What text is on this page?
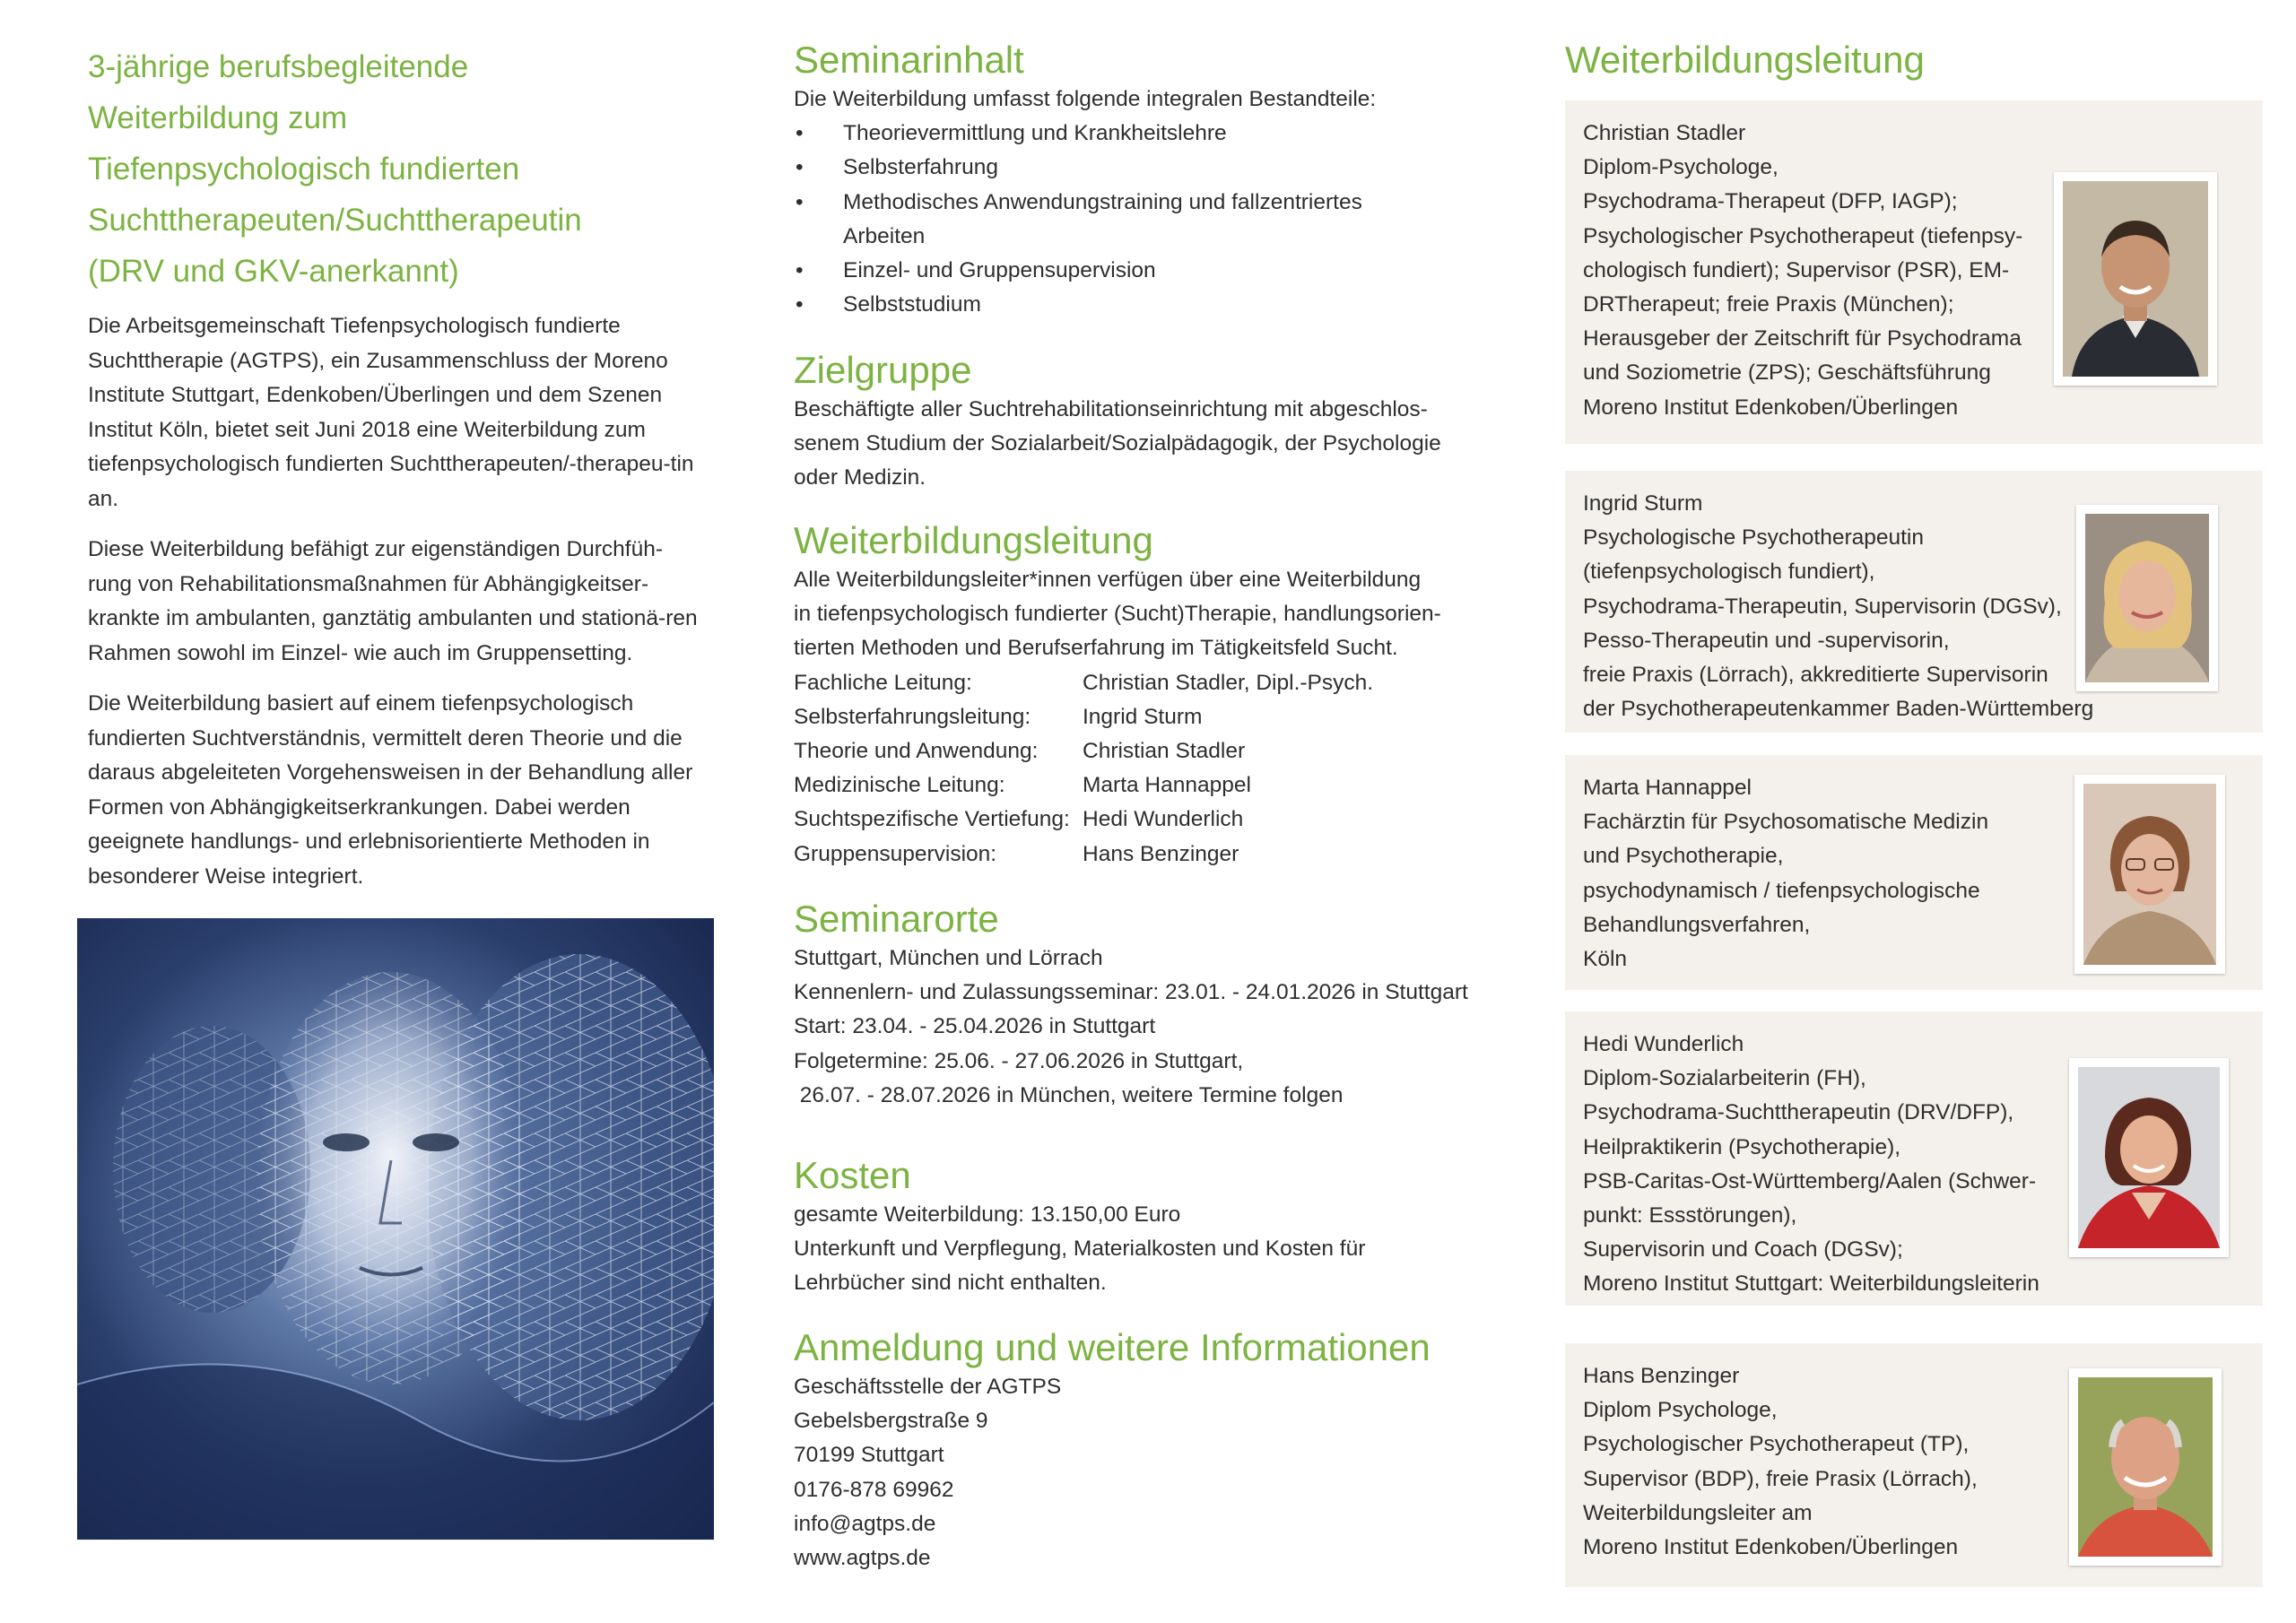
3-jährige berufsbegleitende
Weiterbildung zum
Tiefenpsychologisch fundierten
Suchttherapeuten/Suchttherapeutin
(DRV und GKV-anerkannt)

Die Arbeitsgemeinschaft Tiefenpsychologisch fundierte Suchttherapie (AGTPS), ein Zusammenschluss der Moreno Institute Stuttgart, Edenkoben/Überlingen und dem Szenen Institut Köln, bietet seit Juni 2018 eine Weiterbildung zum tiefenpsychologisch fundierten Suchttherapeuten/-therapeu-tin an.

Diese Weiterbildung befähigt zur eigenständigen Durchfüh-rung von Rehabilitationsmaßnahmen für Abhängigkeitser-krankte im ambulanten, ganztätig ambulanten und stationä-ren Rahmen sowohl im Einzel- wie auch im Gruppensetting.

Die Weiterbildung basiert auf einem tiefenpsychologisch fundierten Suchtverständnis, vermittelt deren Theorie und die daraus abgeleiteten Vorgehensweisen in der Behandlung aller Formen von Abhängigkeitserkrankungen. Dabei werden geeignete handlungs- und erlebnisorientierte Methoden in besonderer Weise integriert.

Seminarinhalt
Die Weiterbildung umfasst folgende integralen Bestandteile:
• Theorievermittlung und Krankheitslehre
• Selbsterfahrung
• Methodisches Anwendungstraining und fallzentriertes
Arbeiten
• Einzel- und Gruppensupervision
• Selbststudium
Zielgruppe
Beschäftigte aller Suchtrehabilitationseinrichtung mit abgeschlos-
senem Studium der Sozialarbeit/Sozialpädagogik, der Psychologie
oder Medizin.
Weiterbildungsleitung
Alle Weiterbildungsleiter*innen verfügen über eine Weiterbildung
in tiefenpsychologisch fundierter (Sucht)Therapie, handlungsorien-
tierten Methoden und Berufserfahrung im Tätigkeitsfeld Sucht.
Fachliche Leitung:	Christian Stadler, Dipl.-Psych.
Selbsterfahrungsleitung:	Ingrid Sturm
Theorie und Anwendung:	Christian Stadler
Medizinische Leitung:	Marta Hannappel
Suchtspezifische Vertiefung: Hedi Wunderlich
Gruppensupervision:	Hans Benzinger
Seminarorte
Stuttgart, München und Lörrach
Kennenlern- und Zulassungsseminar: 23.01. - 24.01.2026 in Stuttgart
Start: 23.04. - 25.04.2026 in Stuttgart
Folgetermine: 25.06. - 27.06.2026 in Stuttgart,
26.07. - 28.07.2026 in München, weitere Termine folgen
Kosten
gesamte Weiterbildung: 13.150,00 Euro
Unterkunft und Verpflegung, Materialkosten und Kosten für
Lehrbücher sind nicht enthalten.
Anmeldung und weitere Informationen
Geschäftsstelle der AGTPS
Gebelsbergstraße 9
70199 Stuttgart
0176-878 69962
info@agtps.de
www.agtps.de
Weiterbildungsleitung
Christian Stadler
Diplom-Psychologe,
Psychodrama-Therapeut (DFP, IAGP);
Psychologischer Psychotherapeut (tiefenpsy-
chologisch fundiert); Supervisor (PSR), EM-
DRTherapeut; freie Praxis (München);
Herausgeber der Zeitschrift für Psychodrama
und Soziometrie (ZPS); Geschäftsführung
Moreno Institut Edenkoben/Überlingen
Ingrid Sturm
Psychologische Psychotherapeutin
(tiefenpsychologisch fundiert),
Psychodrama-Therapeutin, Supervisorin (DGSv),
Pesso-Therapeutin und -supervisorin,
freie Praxis (Lörrach), akkreditierte Supervisorin
der Psychotherapeutenkammer Baden-Württemberg
Marta Hannappel
Fachärztin für Psychosomatische Medizin
und Psychotherapie,
psychodynamisch / tiefenpsychologische
Behandlungsverfahren,
Köln
Hedi Wunderlich
Diplom-Sozialarbeiterin (FH),
Psychodrama-Suchttherapeutin (DRV/DFP),
Heilpraktikerin (Psychotherapie),
PSB-Caritas-Ost-Württemberg/Aalen (Schwer-
punkt: Essstörungen),
Supervisorin und Coach (DGSv);
Moreno Institut Stuttgart: Weiterbildungsleiterin
Hans Benzinger
Diplom Psychologe,
Psychologischer Psychotherapeut (TP),
Supervisor (BDP), freie Prasix (Lörrach),
Weiterbildungsleiter am
Moreno Institut Edenkoben/Überlingen
